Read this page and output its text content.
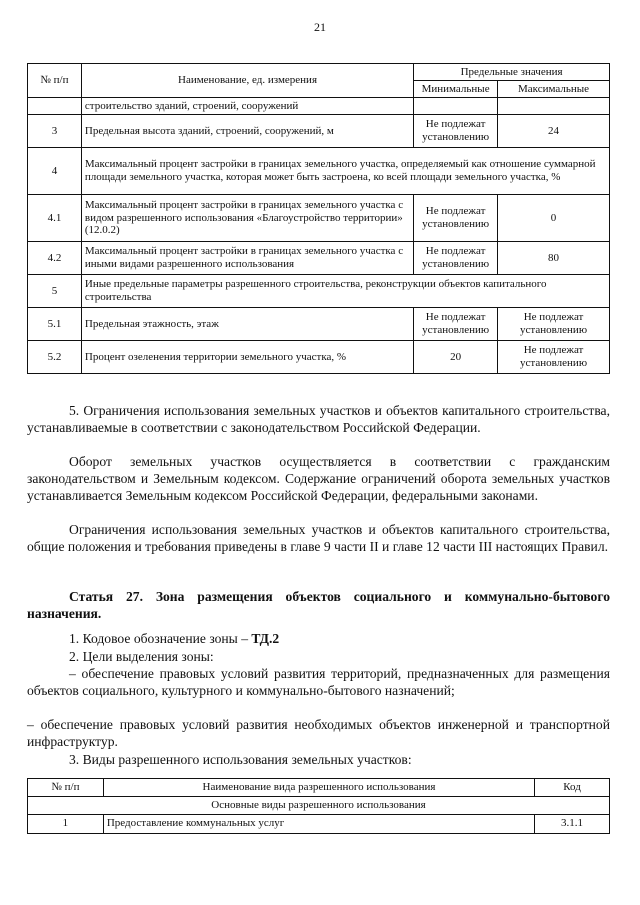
21
№ п/п	Наименование, ед. измерения	Предельные значения	
		Минимальные	Максимальные
	строительство зданий, строений, сооружений		
3	Предельная высота зданий, строений, сооружений, м	Не подлежат установлению	24
4	Максимальный процент застройки в границах земельного участка, определяемый как отношение суммарной площади земельного участка, которая может быть застроена, ко всей площади земельного участка, %		
4.1	Максимальный процент застройки в границах земельного участка с видом разрешенного использования «Благоустройство территории» (12.0.2)	Не подлежат установлению	0
4.2	Максимальный процент застройки в границах земельного участка с иными видами разрешенного использования	Не подлежат установлению	80
5	Иные предельные параметры разрешенного строительства, реконструкции объектов капитального строительства		
5.1	Предельная этажность, этаж	Не подлежат установлению	Не подлежат установлению
5.2	Процент озеленения территории земельного участка, %	20	Не подлежат установлению
5. Ограничения использования земельных участков и объектов капитального строительства, устанавливаемые в соответствии с законодательством Российской Федерации.
Оборот земельных участков осуществляется в соответствии с гражданским законодательством и Земельным кодексом. Содержание ограничений оборота земельных участков устанавливается Земельным кодексом Российской Федерации, федеральными законами.
Ограничения использования земельных участков и объектов капитального строительства, общие положения и требования приведены в главе 9 части II и главе 12 части III настоящих Правил.
Статья 27. Зона размещения объектов социального и коммунально-бытового назначения.
1. Кодовое обозначение зоны – ТД.2
2. Цели выделения зоны:
– обеспечение правовых условий развития территорий, предназначенных для размещения объектов социального, культурного и коммунально-бытового назначений;
– обеспечение правовых условий развития необходимых объектов инженерной и транспортной инфраструктур.
3. Виды разрешенного использования земельных участков:
№ п/п	Наименование вида разрешенного использования	Код
Основные виды разрешенного использования		
1	Предоставление коммунальных услуг	3.1.1
